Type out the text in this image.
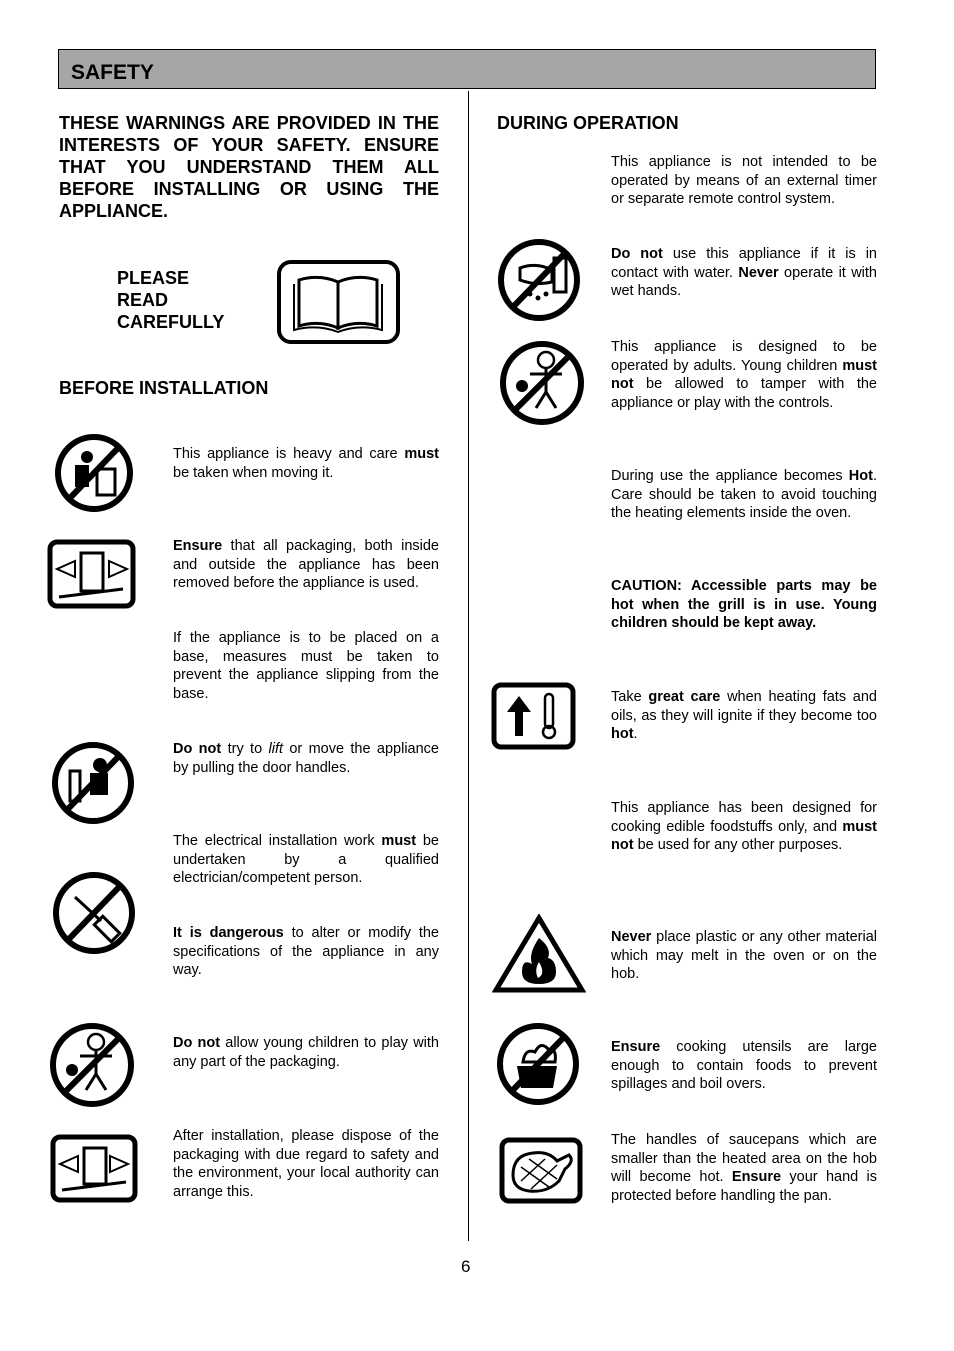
SAFETY
THESE WARNINGS ARE PROVIDED IN THE INTERESTS OF YOUR SAFETY. ENSURE THAT YOU UNDERSTAND THEM ALL BEFORE INSTALLING OR USING THE APPLIANCE.
PLEASE
READ
CAREFULLY
BEFORE INSTALLATION
This appliance is heavy and care must be taken when moving it.
Ensure that all packaging, both inside and outside the appliance has been removed before the appliance is used.
If the appliance is to be placed on a base, measures must be taken to prevent the appliance slipping from the base.
Do not try to lift or move the appliance by pulling the door handles.
The electrical installation work must be undertaken by a qualified electrician/competent person.
It is dangerous to alter or modify the specifications of the appliance in any way.
Do not allow young children to play with any part of the packaging.
After installation, please dispose of the packaging with due regard to safety and the environment, your local authority can arrange this.
DURING OPERATION
This appliance is not intended to be operated by means of an external timer or separate remote control system.
Do not use this appliance if it is in contact with water. Never operate it with wet hands.
This appliance is designed to be operated by adults. Young children must not be allowed to tamper with the appliance or play with the controls.
During use the appliance becomes Hot. Care should be taken to avoid touching the heating elements inside the oven.
CAUTION: Accessible parts may be hot when the grill is in use. Young children should be kept away.
Take great care when heating fats and oils, as they will ignite if they become too hot.
This appliance has been designed for cooking edible foodstuffs only, and must not be used for any other purposes.
Never place plastic or any other material which may melt in the oven or on the hob.
Ensure cooking utensils are large enough to contain foods to prevent spillages and boil overs.
The handles of saucepans which are smaller than the heated area on the hob will become hot. Ensure your hand is protected before handling the pan.
6
